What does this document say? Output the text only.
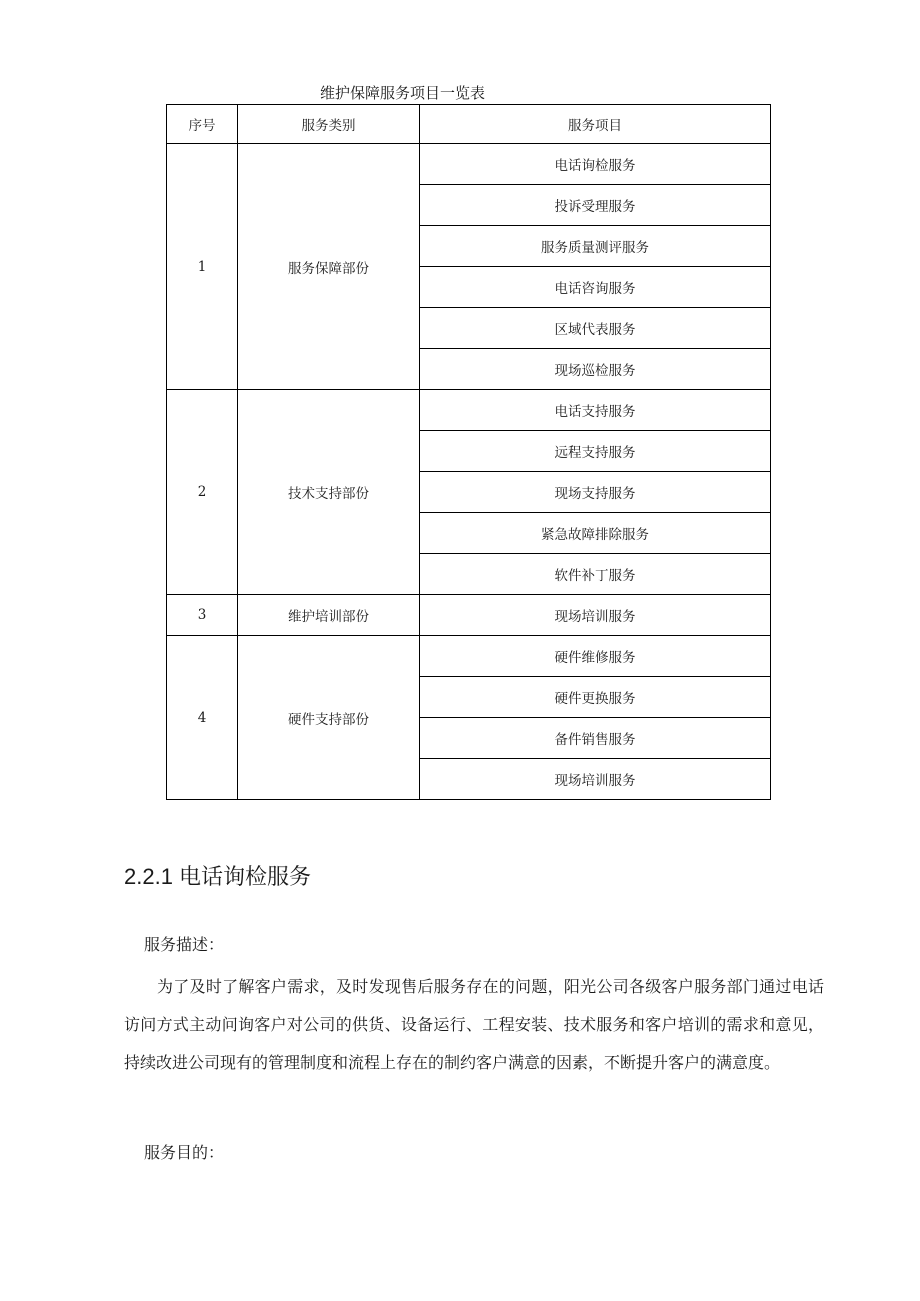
维护保障服务项目一览表
序号	服务类别	服务项目
1	服务保障部份	电话询检服务
		投诉受理服务
		服务质量测评服务
		电话咨询服务
		区域代表服务
		现场巡检服务
2	技术支持部份	电话支持服务
		远程支持服务
		现场支持服务
		紧急故障排除服务
		软件补丁服务
3	维护培训部份	现场培训服务
4	硬件支持部份	硬件维修服务
		硬件更换服务
		备件销售服务
		现场培训服务
2.2.1 电话询检服务
服务描述：
为了及时了解客户需求，及时发现售后服务存在的问题，阳光公司各级客户服务部门通过电话访问方式主动问询客户对公司的供货、设备运行、工程安装、技术服务和客户培训的需求和意见，持续改进公司现有的管理制度和流程上存在的制约客户满意的因素，不断提升客户的满意度。
服务目的：
